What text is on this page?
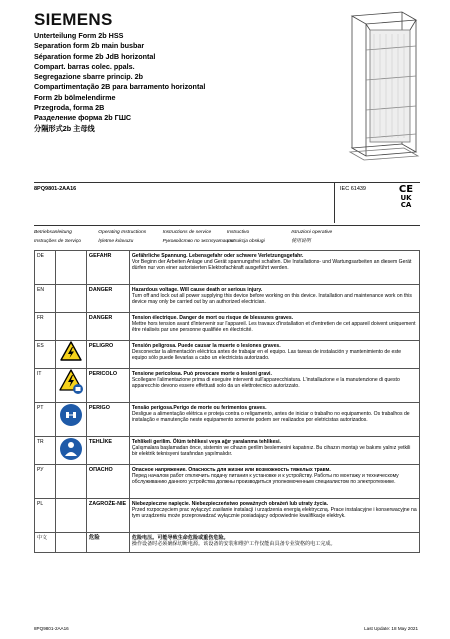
SIEMENS
Unterteilung Form 2b HSS
Separation form 2b main busbar
Séparation forme 2b JdB horizontal
Compart. barras colec. ppals.
Segregazione sbarre princip. 2b
Compartimentação 2B para barramento horizontal
Form 2b bölmelendirme
Przegroda, forma 2B
Разделение форма 2b ГШС
分隔形式2b 主母线
8PQ9801-2AA16	IEC 61439	CE
UK
CA
Betriebsanleitung	Operating Instructions	Instructions de service	Instructivo	Istruzioni operative
Instruções de Serviço	İşletme kılavuzu	Руководство по эксплуатации
Instrukcja obsługi	使用说明
DE		GEFAHR	Gefährliche Spannung. Lebensgefahr oder schwere Verletzungsgefahr.
Vor Beginn der Arbeiten Anlage und Gerät spannungsfrei schalten. Die Installations- und Wartungsarbeiten an diesem Gerät dürfen nur von einer autorisierten Elektrofachkraft ausgeführt werden.

EN		DANGER	Hazardous voltage. Will cause death or serious injury.
Turn off and lock out all power supplying this device before working on this device. Installation and maintenance work on this device may only be carried out by an authorized electrician.

FR		DANGER	Tension électrique. Danger de mort ou risque de blessures graves.
Mettre hors tension avant d'intervenir sur l'appareil. Les travaux d'installation et d'entretien de cet appareil doivent uniquement être réalisés par une personne qualifiée en électricité.

ES		PELIGRO	Tensión peligrosa. Puede causar la muerte o lesiones graves.
Desconectar la alimentación eléctrica antes de trabajar en el equipo. Las tareas de instalación y mantenimiento de este equipo sólo puede llevarlas a cabo un electricista autorizado.

IT		PERICOLO	Tensione pericolosa. Può provocare morte o lesioni gravi.
Scollegare l'alimentazione prima di eseguire interventi sull'apparecchiatura. L'installazione e la manutenzione di questo apparecchio devono essere effettuati solo da un elettrotecnico autorizzato.

PT		PERIGO	Tensão perigosa.Perigo de morte ou ferimentos graves.
Desligue a alimentação elétrica e proteja contra o religamento, antes de iniciar o trabalho no equipamento. Os trabalhos de instalação e manutenção neste equipamento somente podem ser realizados por eletricistas autorizados.

TR		TEHLİKE	Tehlikeli gerilim. Ölüm tehlikesi veya ağır yaralanma tehlikesi.
Çalışmalara başlamadan önce, sistemin ve cihazın gerilim beslemesini kapatınız. Bu cihazın montajı ve bakımı yalnız yetkili bir elektrik teknisyeni tarafından yapılmalıdır.

РУ		ОПАСНО	Опасное напряжение. Опасность для жизни или возможность тяжелых травм.
Перед началом работ отключить подачу питания к установке и к устройству. Работы по монтажу и техническому обслуживанию данного устройства должны производиться уполномоченным специалистом по электротехнике.

PL		ZAGROŻE-NIE	Niebezpieczne napięcie. Niebezpieczeństwo poważnych obrażeń lub utraty życia.
Przed rozpoczęciem prac wyłączyć zasilanie instalacji i urządzenia energią elektryczną. Prace instalacyjne i konserwacyjne na tym urządzeniu może przeprowadzać wyłącznie posiadający odpowiednie kwalifikacje elektryk.

中文		危险	危险电压。可能导致生命危险或重伤危险。
操作设备时必须确保切断电源。该设备的安装和维护工作仅能由具备专业资格的电工完成。
8PQ9801-2AA16	Last Update: 18 May 2021
